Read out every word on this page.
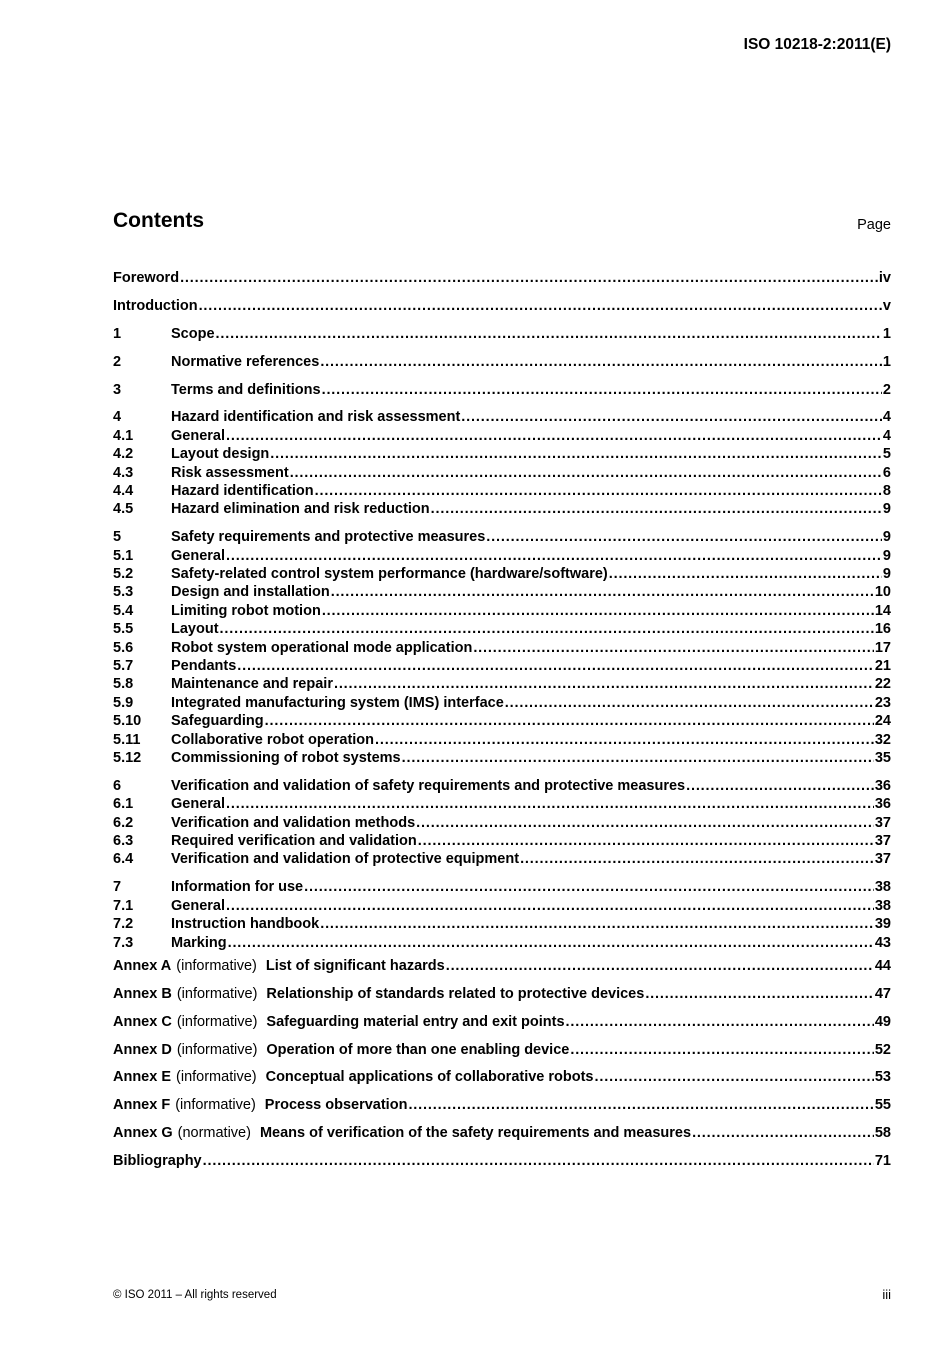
ISO 10218-2:2011(E)
Contents	Page
Foreword . . .	iv
Introduction . . .	v
1	Scope . . .	1
2	Normative references . . .	1
3	Terms and definitions . . .	2
4	Hazard identification and risk assessment . . .	4
4.1	General . . .	4
4.2	Layout design . . .	5
4.3	Risk assessment . . .	6
4.4	Hazard identification . . .	8
4.5	Hazard elimination and risk reduction . . .	9
5	Safety requirements and protective measures . . .	9
5.1	General . . .	9
5.2	Safety-related control system performance (hardware/software) . . .	9
5.3	Design and installation . . .	10
5.4	Limiting robot motion . . .	14
5.5	Layout . . .	16
5.6	Robot system operational mode application . . .	17
5.7	Pendants . . .	21
5.8	Maintenance and repair . . .	22
5.9	Integrated manufacturing system (IMS) interface . . .	23
5.10	Safeguarding . . .	24
5.11	Collaborative robot operation . . .	32
5.12	Commissioning of robot systems . . .	35
6	Verification and validation of safety requirements and protective measures . . .	36
6.1	General . . .	36
6.2	Verification and validation methods . . .	37
6.3	Required verification and validation . . .	37
6.4	Verification and validation of protective equipment . . .	37
7	Information for use . . .	38
7.1	General . . .	38
7.2	Instruction handbook . . .	39
7.3	Marking . . .	43
Annex A (informative) List of significant hazards . . .	44
Annex B (informative) Relationship of standards related to protective devices . . .	47
Annex C (informative) Safeguarding material entry and exit points . . .	49
Annex D (informative) Operation of more than one enabling device . . .	52
Annex E (informative) Conceptual applications of collaborative robots . . .	53
Annex F (informative) Process observation . . .	55
Annex G (normative) Means of verification of the safety requirements and measures . . .	58
Bibliography . . .	71
© ISO 2011 – All rights reserved	iii
